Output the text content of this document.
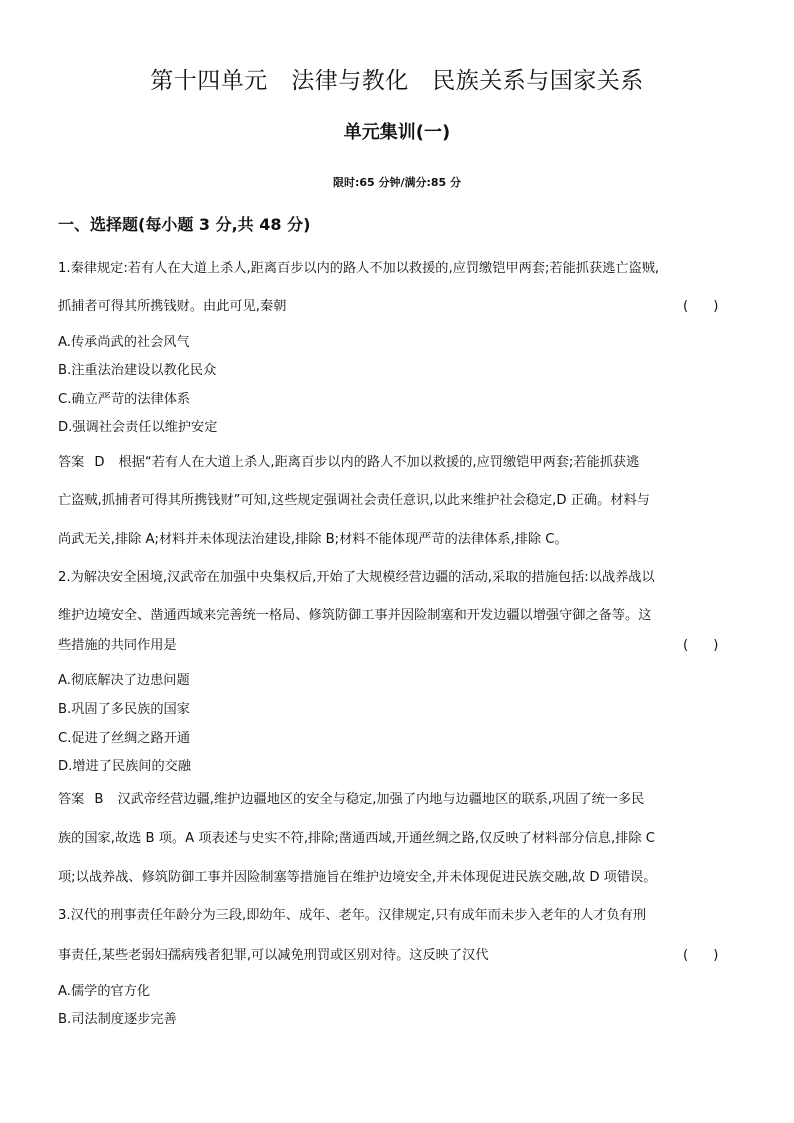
第十四单元　法律与教化　民族关系与国家关系
单元集训(一)
限时:65 分钟/满分:85 分
一、选择题(每小题 3 分,共 48 分)
1.秦律规定:若有人在大道上杀人,距离百步以内的路人不加以救援的,应罚缴铠甲两套;若能抓获逃亡盗贼,
抓捕者可得其所携钱财。由此可见,秦朝	(      )
A.传承尚武的社会风气
B.注重法治建设以教化民众
C.确立严苛的法律体系
D.强调社会责任以维护安定
答案 D 根据“若有人在大道上杀人,距离百步以内的路人不加以救援的,应罚缴铠甲两套;若能抓获逃
亡盗贼,抓捕者可得其所携钱财”可知,这些规定强调社会责任意识,以此来维护社会稳定,D 正确。材料与
尚武无关,排除 A;材料并未体现法治建设,排除 B;材料不能体现严苛的法律体系,排除 C。
2.为解决安全困境,汉武帝在加强中央集权后,开始了大规模经营边疆的活动,采取的措施包括:以战养战以
维护边境安全、凿通西域来完善统一格局、修筑防御工事并因险制塞和开发边疆以增强守御之备等。这
些措施的共同作用是	(      )
A.彻底解决了边患问题
B.巩固了多民族的国家
C.促进了丝绸之路开通
D.增进了民族间的交融
答案 B 汉武帝经营边疆,维护边疆地区的安全与稳定,加强了内地与边疆地区的联系,巩固了统一多民
族的国家,故选 B 项。A 项表述与史实不符,排除;凿通西域,开通丝绸之路,仅反映了材料部分信息,排除 C
项;以战养战、修筑防御工事并因险制塞等措施旨在维护边境安全,并未体现促进民族交融,故 D 项错误。
3.汉代的刑事责任年龄分为三段,即幼年、成年、老年。汉律规定,只有成年而未步入老年的人才负有刑
事责任,某些老弱妇孺病残者犯罪,可以减免刑罚或区别对待。这反映了汉代	(      )
A.儒学的官方化
B.司法制度逐步完善
